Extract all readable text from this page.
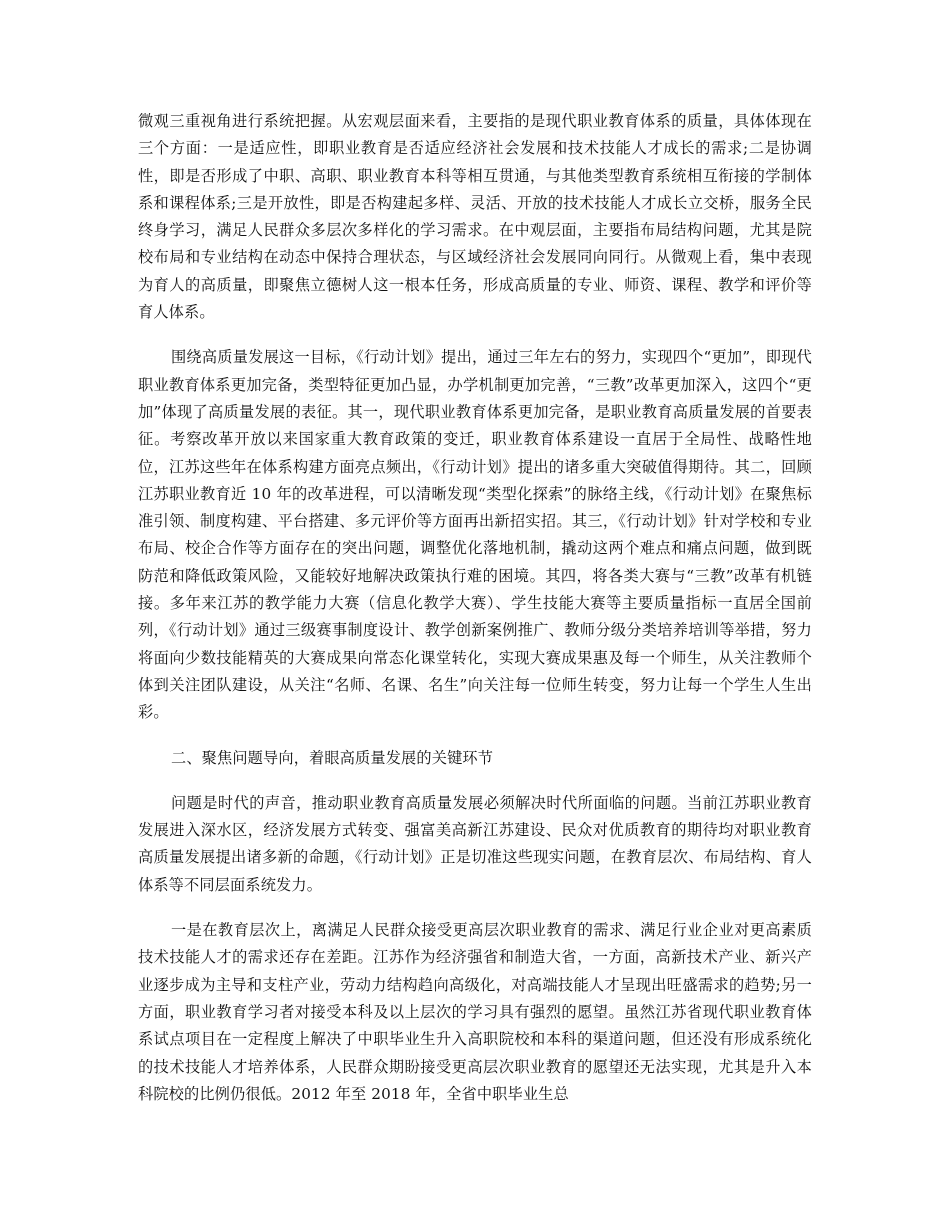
微观三重视角进行系统把握。从宏观层面来看，主要指的是现代职业教育体系的质量，具体体现在三个方面：一是适应性，即职业教育是否适应经济社会发展和技术技能人才成长的需求;二是协调性，即是否形成了中职、高职、职业教育本科等相互贯通，与其他类型教育系统相互衔接的学制体系和课程体系;三是开放性，即是否构建起多样、灵活、开放的技术技能人才成长立交桥，服务全民终身学习，满足人民群众多层次多样化的学习需求。在中观层面，主要指布局结构问题，尤其是院校布局和专业结构在动态中保持合理状态，与区域经济社会发展同向同行。从微观上看，集中表现为育人的高质量，即聚焦立德树人这一根本任务，形成高质量的专业、师资、课程、教学和评价等育人体系。

围绕高质量发展这一目标，《行动计划》提出，通过三年左右的努力，实现四个“更加”，即现代职业教育体系更加完备，类型特征更加凸显，办学机制更加完善，“三教”改革更加深入，这四个“更加”体现了高质量发展的表征。其一，现代职业教育体系更加完备，是职业教育高质量发展的首要表征。考察改革开放以来国家重大教育政策的变迁，职业教育体系建设一直居于全局性、战略性地位，江苏这些年在体系构建方面亮点频出，《行动计划》提出的诸多重大突破值得期待。其二，回顾江苏职业教育近 10 年的改革进程，可以清晰发现“类型化探索”的脉络主线，《行动计划》在聚焦标准引领、制度构建、平台搭建、多元评价等方面再出新招实招。其三，《行动计划》针对学校和专业布局、校企合作等方面存在的突出问题，调整优化落地机制，撬动这两个难点和痛点问题，做到既防范和降低政策风险，又能较好地解决政策执行难的困境。其四，将各类大赛与“三教”改革有机链接。多年来江苏的教学能力大赛（信息化教学大赛）、学生技能大赛等主要质量指标一直居全国前列，《行动计划》通过三级赛事制度设计、教学创新案例推广、教师分级分类培养培训等举措，努力将面向少数技能精英的大赛成果向常态化课堂转化，实现大赛成果惠及每一个师生，从关注教师个体到关注团队建设，从关注“名师、名课、名生”向关注每一位师生转变，努力让每一个学生人生出彩。

二、聚焦问题导向，着眼高质量发展的关键环节

问题是时代的声音，推动职业教育高质量发展必须解决时代所面临的问题。当前江苏职业教育发展进入深水区，经济发展方式转变、强富美高新江苏建设、民众对优质教育的期待均对职业教育高质量发展提出诸多新的命题，《行动计划》正是切准这些现实问题，在教育层次、布局结构、育人体系等不同层面系统发力。

一是在教育层次上，离满足人民群众接受更高层次职业教育的需求、满足行业企业对更高素质技术技能人才的需求还存在差距。江苏作为经济强省和制造大省，一方面，高新技术产业、新兴产业逐步成为主导和支柱产业，劳动力结构趋向高级化，对高端技能人才呈现出旺盛需求的趋势;另一方面，职业教育学习者对接受本科及以上层次的学习具有强烈的愿望。虽然江苏省现代职业教育体系试点项目在一定程度上解决了中职毕业生升入高职院校和本科的渠道问题，但还没有形成系统化的技术技能人才培养体系，人民群众期盼接受更高层次职业教育的愿望还无法实现，尤其是升入本科院校的比例仍很低。2012 年至 2018 年，全省中职毕业生总
